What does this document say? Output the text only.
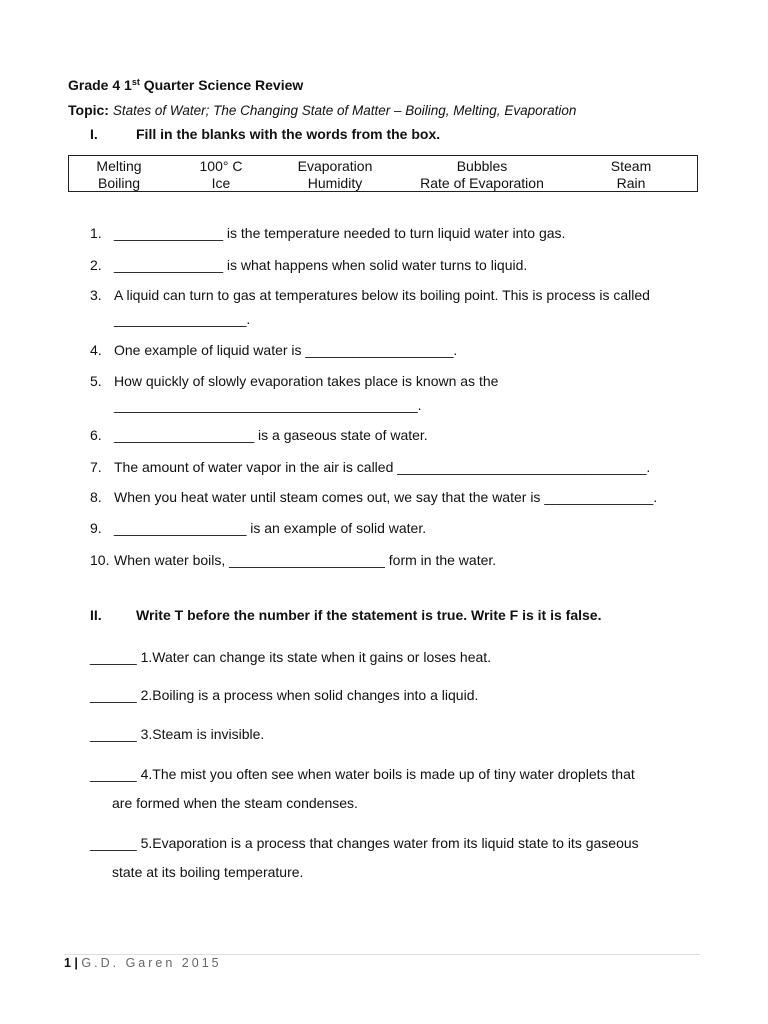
Grade 4 1st Quarter Science Review
Topic: States of Water; The Changing State of Matter – Boiling, Melting, Evaporation
I.	Fill in the blanks with the words from the box.
Melting	100° C	Evaporation	Bubbles	Steam
Boiling	Ice	Humidity	Rate of Evaporation	Rain
1. ______________ is the temperature needed to turn liquid water into gas.
2. ______________ is what happens when solid water turns to liquid.
3. A liquid can turn to gas at temperatures below its boiling point. This is process is called
_________________.
4. One example of liquid water is ___________________.
5. How quickly of slowly evaporation takes place is known as the
_______________________________________.
6. __________________ is a gaseous state of water.
7. The amount of water vapor in the air is called ________________________________.
8. When you heat water until steam comes out, we say that the water is ______________.
9. _________________ is an example of solid water.
10. When water boils, ____________________ form in the water.
II. Write T before the number if the statement is true. Write F is it is false.
______ 1.Water can change its state when it gains or loses heat.
______ 2.Boiling is a process when solid changes into a liquid.
______ 3.Steam is invisible.
______ 4.The mist you often see when water boils is made up of tiny water droplets that
are formed when the steam condenses.
______ 5.Evaporation is a process that changes water from its liquid state to its gaseous
state at its boiling temperature.
1 | G.D. Garen 2015
